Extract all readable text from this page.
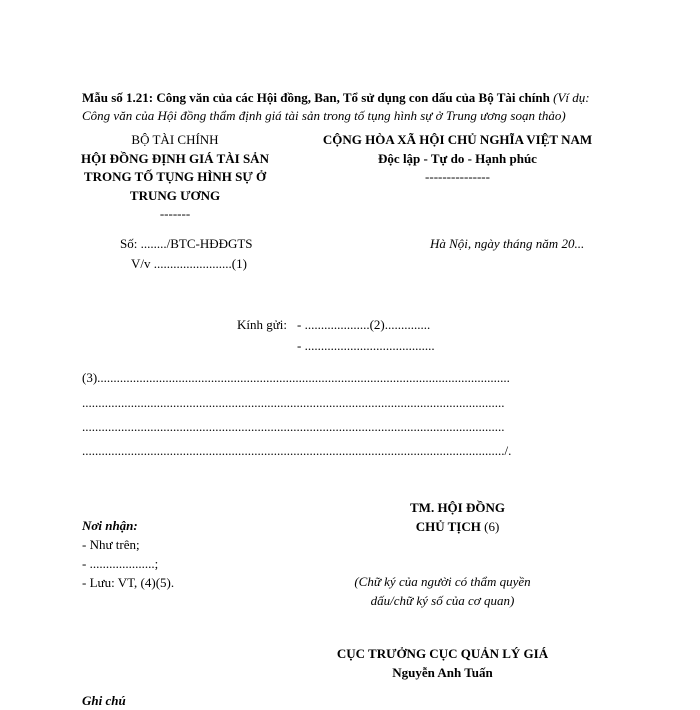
Mẫu số 1.21: Công văn của các Hội đồng, Ban, Tổ sử dụng con dấu của Bộ Tài chính (Ví dụ: Công văn của Hội đồng thẩm định giá tài sản trong tố tụng hình sự ở Trung ương soạn thảo)
BỘ TÀI CHÍNH
HỘI ĐỒNG ĐỊNH GIÁ TÀI SẢN
TRONG TỐ TỤNG HÌNH SỰ Ở
TRUNG ƯƠNG
-------
CỘNG HÒA XÃ HỘI CHỦ NGHĨA VIỆT NAM
Độc lập - Tự do - Hạnh phúc
---------------
Số: ......../BTC-HĐĐGTS
V/v ........................(1)
Hà Nội, ngày tháng năm 20...
Kính gửi: - ....................(2)..............
- ........................................
(3)...............................................................................................................................
..................................................................................................................................
..................................................................................................................................
................................................................................................................................../.
Nơi nhận:
- Như trên;
- ....................;
- Lưu: VT, (4)(5).
TM. HỘI ĐỒNG
CHỦ TỊCH (6)
(Chữ ký của người có thẩm quyền
dấu/chữ ký số của cơ quan)
CỤC TRƯỞNG CỤC QUẢN LÝ GIÁ
Nguyễn Anh Tuấn
Ghi chú
